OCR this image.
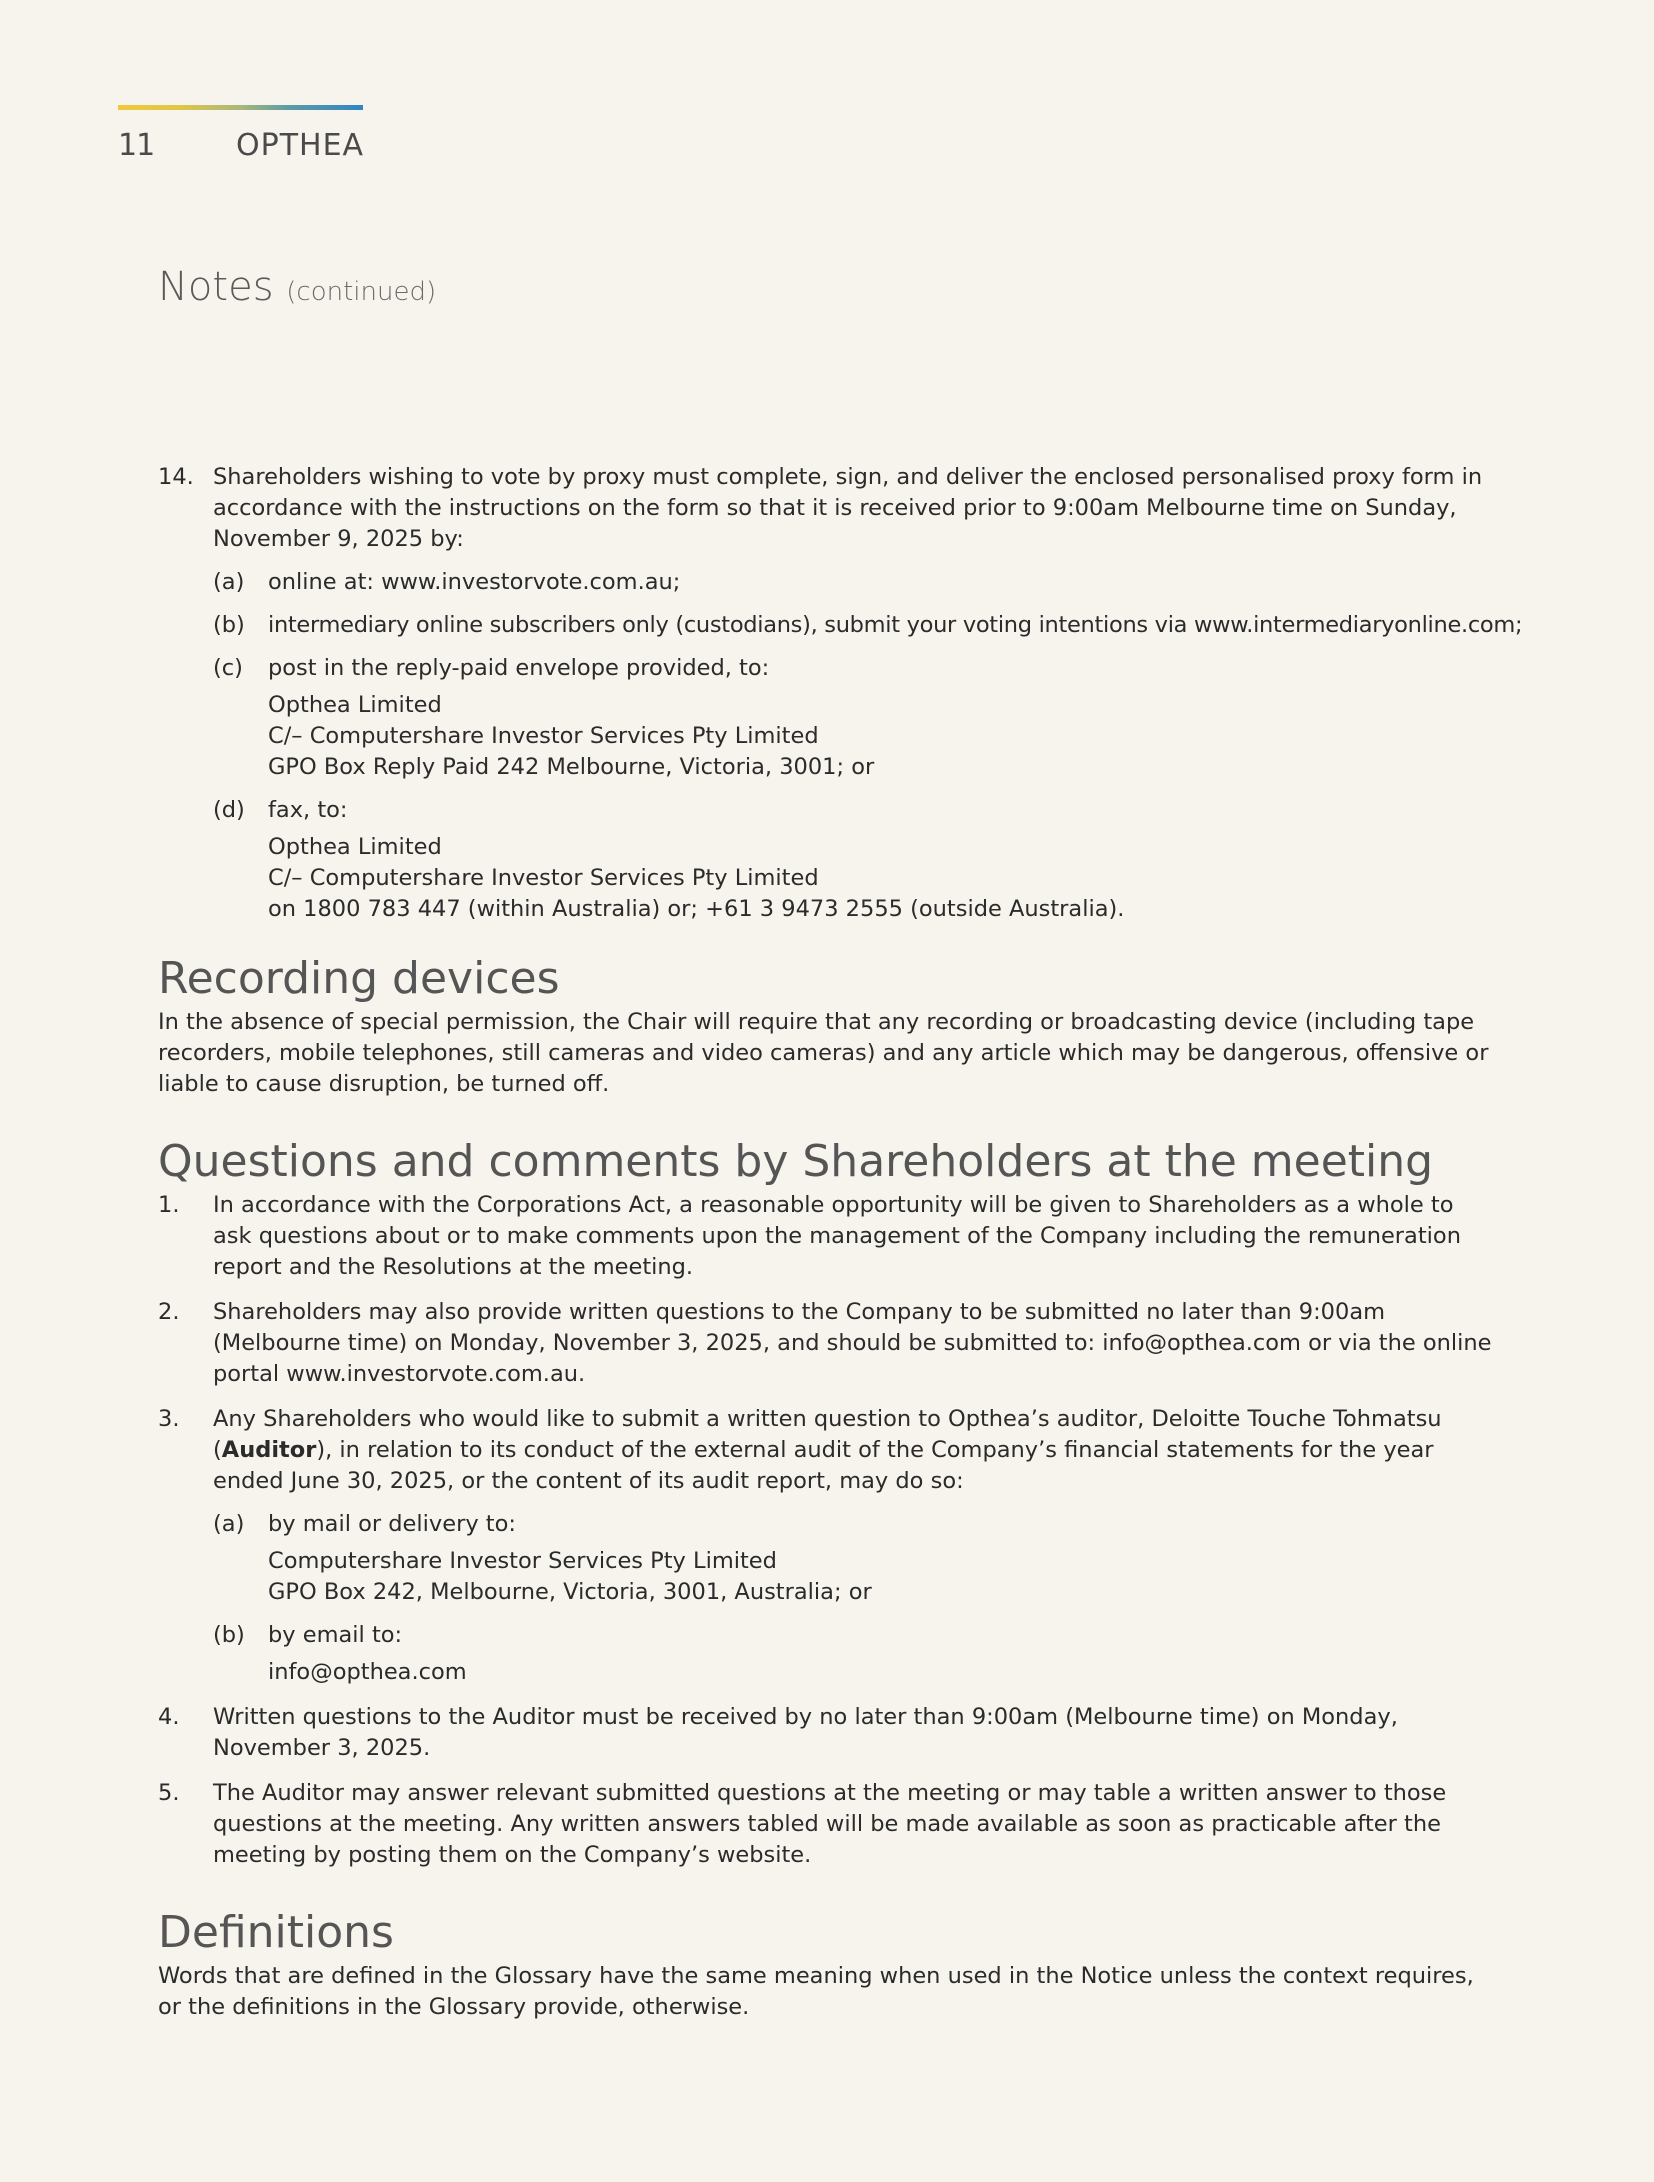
11	OPTHEA
Notes (continued)
14. Shareholders wishing to vote by proxy must complete, sign, and deliver the enclosed personalised proxy form in accordance with the instructions on the form so that it is received prior to 9:00am Melbourne time on Sunday, November 9, 2025 by:
(a)	online at: www.investorvote.com.au;
(b)	intermediary online subscribers only (custodians), submit your voting intentions via www.intermediaryonline.com;
(c)	post in the reply-paid envelope provided, to:
Opthea Limited
C/– Computershare Investor Services Pty Limited
GPO Box Reply Paid 242 Melbourne, Victoria, 3001; or
(d)	fax, to:
Opthea Limited
C/– Computershare Investor Services Pty Limited
on 1800 783 447 (within Australia) or; +61 3 9473 2555 (outside Australia).
Recording devices

In the absence of special permission, the Chair will require that any recording or broadcasting device (including tape recorders, mobile telephones, still cameras and video cameras) and any article which may be dangerous, offensive or liable to cause disruption, be turned off.

Questions and comments by Shareholders at the meeting
1.	In accordance with the Corporations Act, a reasonable opportunity will be given to Shareholders as a whole to ask questions about or to make comments upon the management of the Company including the remuneration report and the Resolutions at the meeting.
2.	Shareholders may also provide written questions to the Company to be submitted no later than 9:00am (Melbourne time) on Monday, November 3, 2025, and should be submitted to: info@opthea.com or via the online portal www.investorvote.com.au.
3.	Any Shareholders who would like to submit a written question to Opthea’s auditor, Deloitte Touche Tohmatsu (Auditor), in relation to its conduct of the external audit of the Company’s financial statements for the year ended June 30, 2025, or the content of its audit report, may do so:
(a)	by mail or delivery to:
Computershare Investor Services Pty Limited
GPO Box 242, Melbourne, Victoria, 3001, Australia; or
(b)	by email to:
info@opthea.com
4.	Written questions to the Auditor must be received by no later than 9:00am (Melbourne time) on Monday, November 3, 2025.
5.	The Auditor may answer relevant submitted questions at the meeting or may table a written answer to those questions at the meeting. Any written answers tabled will be made available as soon as practicable after the meeting by posting them on the Company’s website.
Definitions

Words that are defined in the Glossary have the same meaning when used in the Notice unless the context requires, or the definitions in the Glossary provide, otherwise.
